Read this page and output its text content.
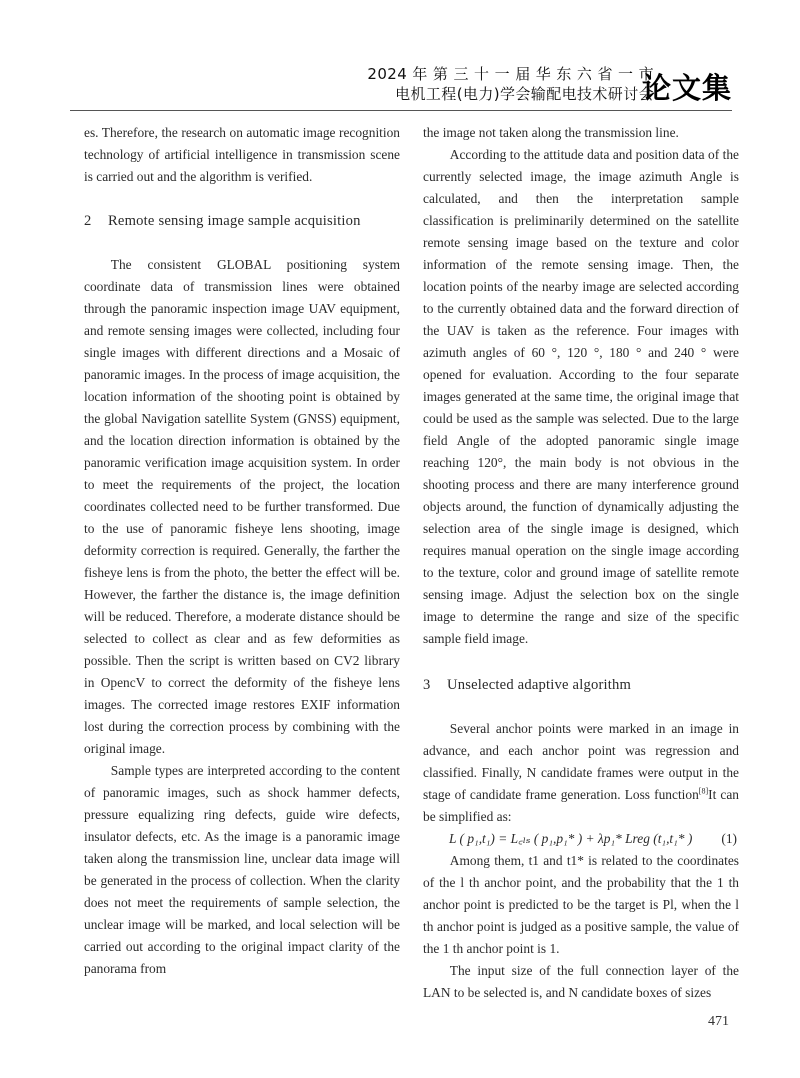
2024 年 第 三 十 一 届 华 东 六 省 一 市
电机工程(电力)学会输配电技术研讨会
论文集

es. Therefore, the research on automatic image recognition technology of artificial intelligence in transmission scene is carried out and the algorithm is verified.

2 Remote sensing image sample acquisition

The consistent GLOBAL positioning system coordinate data of transmission lines were obtained through the panoramic inspection image UAV equipment, and remote sensing images were collected, including four single images with different directions and a Mosaic of panoramic images. In the process of image acquisition, the location information of the shooting point is obtained by the global Navigation satellite System (GNSS) equipment, and the location direction information is obtained by the panoramic verification image acquisition system. In order to meet the requirements of the project, the location coordinates collected need to be further transformed. Due to the use of panoramic fisheye lens shooting, image deformity correction is required. Generally, the farther the fisheye lens is from the photo, the better the effect will be. However, the farther the distance is, the image definition will be reduced. Therefore, a moderate distance should be selected to collect as clear and as few deformities as possible. Then the script is written based on CV2 library in OpencV to correct the deformity of the fisheye lens images. The corrected image restores EXIF information lost during the correction process by combining with the original image.

Sample types are interpreted according to the content of panoramic images, such as shock hammer defects, pressure equalizing ring defects, guide wire defects, insulator defects, etc. As the image is a panoramic image taken along the transmission line, unclear data image will be generated in the process of collection. When the clarity does not meet the requirements of sample selection, the unclear image will be marked, and local selection will be carried out according to the original impact clarity of the panorama from

the image not taken along the transmission line.

According to the attitude data and position data of the currently selected image, the image azimuth Angle is calculated, and then the interpretation sample classification is preliminarily determined on the satellite remote sensing image based on the texture and color information of the remote sensing image. Then, the location points of the nearby image are selected according to the currently obtained data and the forward direction of the UAV is taken as the reference. Four images with azimuth angles of 60 °, 120 °, 180 ° and 240 ° were opened for evaluation. According to the four separate images generated at the same time, the original image that could be used as the sample was selected. Due to the large field Angle of the adopted panoramic single image reaching 120°, the main body is not obvious in the shooting process and there are many interference ground objects around, the function of dynamically adjusting the selection area of the single image is designed, which requires manual operation on the single image according to the texture, color and ground image of satellite remote sensing image. Adjust the selection box on the single image to determine the range and size of the specific sample field image.

3 Unselected adaptive algorithm

Several anchor points were marked in an image in advance, and each anchor point was regression and classified. Finally, N candidate frames were output in the stage of candidate frame generation. Loss function[8]It can be simplified as:

L ( p₁,t₁) = L꜀ₗₛ ( p₁,p₁* ) + λp₁* Lreg (t₁,t₁* ) (1)

Among them, t1 and t1* is related to the coordinates of the l th anchor point, and the probability that the 1 th anchor point is predicted to be the target is Pl, when the l th anchor point is judged as a positive sample, the value of the 1 th anchor point is 1.

The input size of the full connection layer of the LAN to be selected is, and N candidate boxes of sizes

471
